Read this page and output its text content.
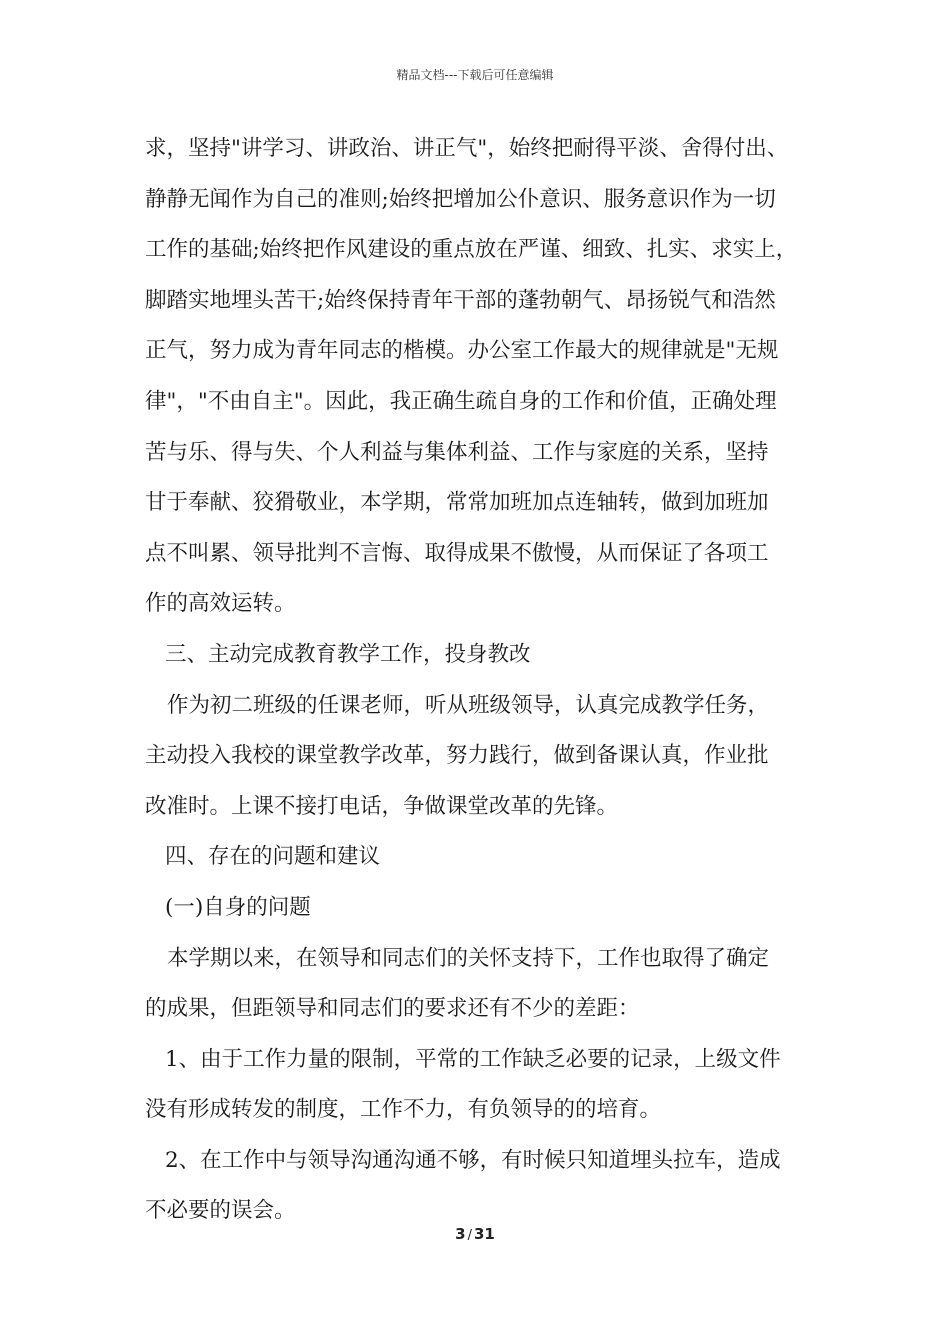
精品文档---下载后可任意编辑
求，坚持"讲学习、讲政治、讲正气"，始终把耐得平淡、舍得付出、
静静无闻作为自己的准则;始终把增加公仆意识、服务意识作为一切
工作的基础;始终把作风建设的重点放在严谨、细致、扎实、求实上，
脚踏实地埋头苦干;始终保持青年干部的蓬勃朝气、昂扬锐气和浩然
正气，努力成为青年同志的楷模。办公室工作最大的规律就是"无规
律"，"不由自主"。因此，我正确生疏自身的工作和价值，正确处理
苦与乐、得与失、个人利益与集体利益、工作与家庭的关系，坚持
甘于奉献、狡猾敬业，本学期，常常加班加点连轴转，做到加班加
点不叫累、领导批判不言悔、取得成果不傲慢，从而保证了各项工
作的高效运转。
三、主动完成教育教学工作，投身教改
作为初二班级的任课老师，听从班级领导，认真完成教学任务，
主动投入我校的课堂教学改革，努力践行，做到备课认真，作业批
改准时。上课不接打电话，争做课堂改革的先锋。
四、存在的问题和建议
(一)自身的问题
本学期以来，在领导和同志们的关怀支持下，工作也取得了确定
的成果，但距领导和同志们的要求还有不少的差距：
1、由于工作力量的限制，平常的工作缺乏必要的记录，上级文件
没有形成转发的制度，工作不力，有负领导的的培育。
2、在工作中与领导沟通沟通不够，有时候只知道埋头拉车，造成
不必要的误会。
3 / 31
